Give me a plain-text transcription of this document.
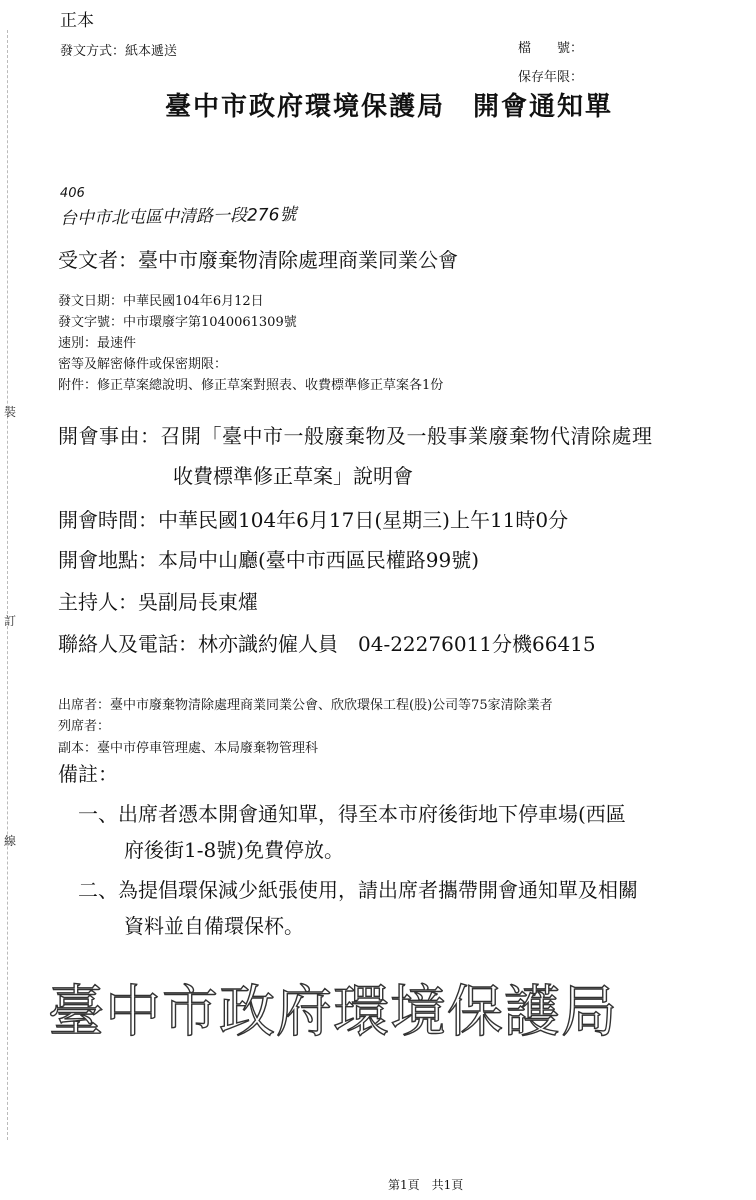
裝
訂
線
正本
發文方式：紙本遞送	檔　　號：
保存年限：
臺中市政府環境保護局　開會通知單
406
台中市北屯區中清路一段276號
受文者：臺中市廢棄物清除處理商業同業公會
發文日期：中華民國104年6月12日
發文字號：中市環廢字第1040061309號
速別：最速件
密等及解密條件或保密期限：
附件：修正草案總說明、修正草案對照表、收費標準修正草案各1份
開會事由：召開「臺中市一般廢棄物及一般事業廢棄物代清除處理
收費標準修正草案」說明會
開會時間：中華民國104年6月17日(星期三)上午11時0分
開會地點：本局中山廳(臺中市西區民權路99號)
主持人：吳副局長東燿
聯絡人及電話：林亦識約僱人員　04-22276011分機66415
出席者：臺中市廢棄物清除處理商業同業公會、欣欣環保工程(股)公司等75家清除業者
列席者：
副本：臺中市停車管理處、本局廢棄物管理科
備註：
一、出席者憑本開會通知單，得至本市府後街地下停車場(西區
府後街1-8號)免費停放。
二、為提倡環保減少紙張使用，請出席者攜帶開會通知單及相關
資料並自備環保杯。
臺中市政府環境保護局
第1頁　共1頁
